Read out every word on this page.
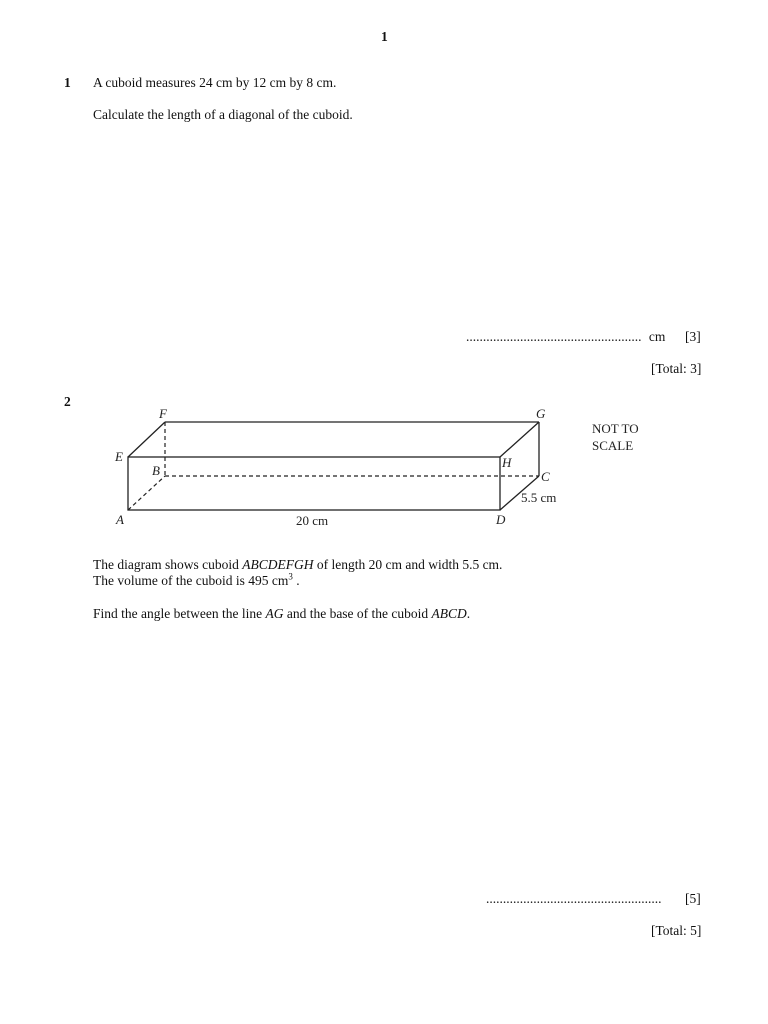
1
1 A cuboid measures 24 cm by 12 cm by 8 cm.
Calculate the length of a diagonal of the cuboid.
.................................................... cm [3]
[Total: 3]
2
F	G
E	H
B	C
A	D
20 cm
5.5 cm
NOT TO
SCALE
The diagram shows cuboid ABCDEFGH of length 20 cm and width 5.5 cm.
The volume of the cuboid is 495 $cm^3$ .
Find the angle between the line AG and the base of the cuboid ABCD.
.................................................... [5]
[Total: 5]
